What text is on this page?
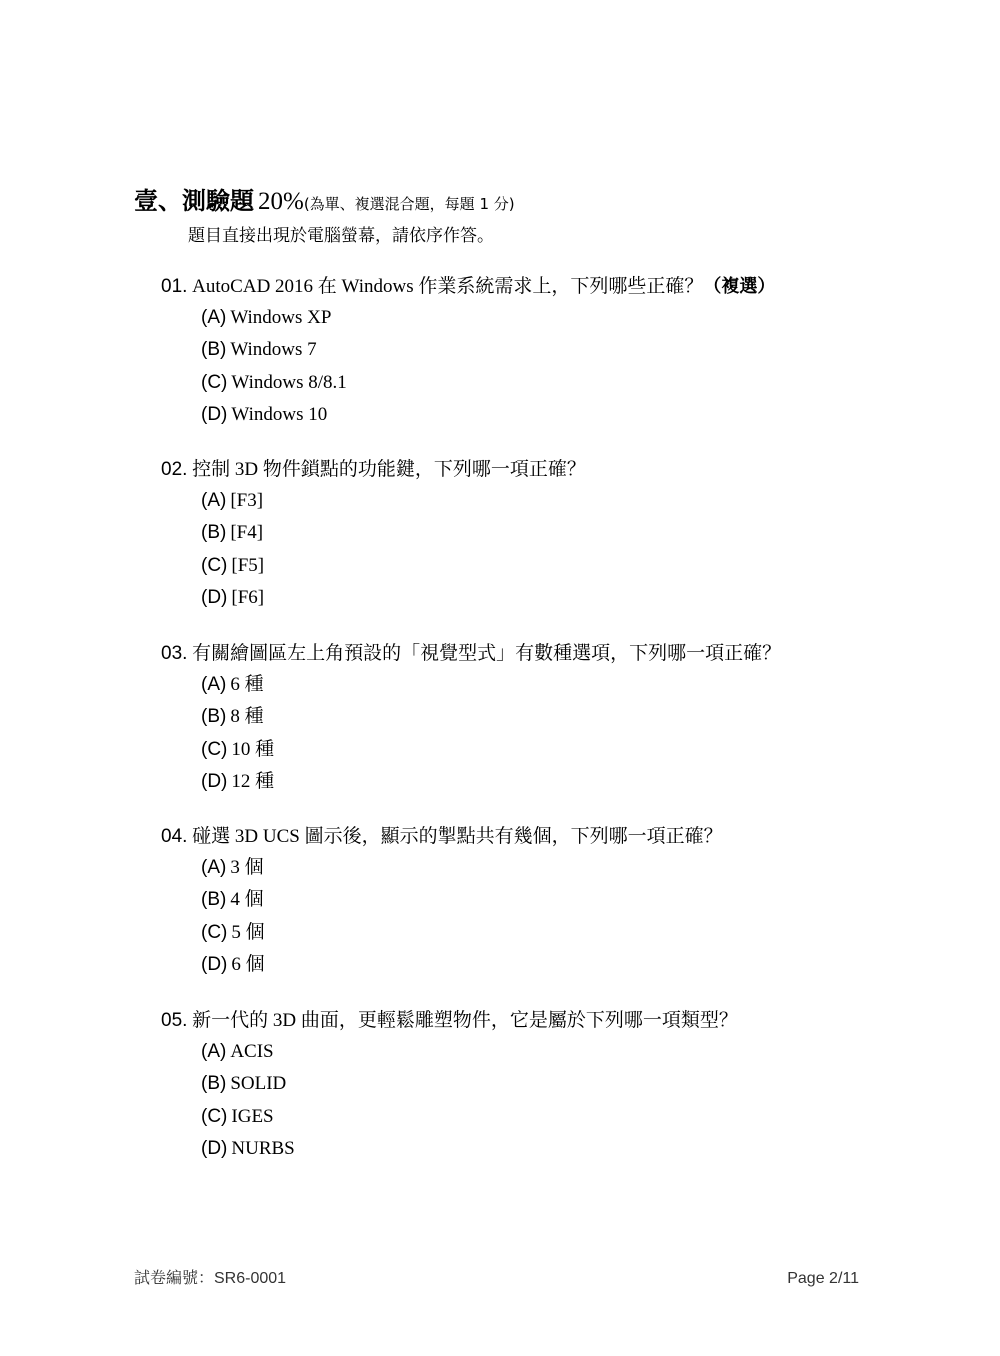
壹、測驗題 20%(為單、複選混合題，每題 1 分)
題目直接出現於電腦螢幕，請依序作答。
01. AutoCAD 2016 在 Windows 作業系統需求上，下列哪些正確？（複選）
(A) Windows XP
(B) Windows 7
(C) Windows 8/8.1
(D) Windows 10
02. 控制 3D 物件鎖點的功能鍵，下列哪一項正確？
(A) [F3]
(B) [F4]
(C) [F5]
(D) [F6]
03. 有關繪圖區左上角預設的「視覺型式」有數種選項，下列哪一項正確？
(A) 6 種
(B) 8 種
(C) 10 種
(D) 12 種
04. 碰選 3D UCS 圖示後，顯示的掣點共有幾個，下列哪一項正確？
(A) 3 個
(B) 4 個
(C) 5 個
(D) 6 個
05. 新一代的 3D 曲面，更輕鬆雕塑物件，它是屬於下列哪一項類型？
(A) ACIS
(B) SOLID
(C) IGES
(D) NURBS
試卷編號：SR6-0001	Page 2/11
